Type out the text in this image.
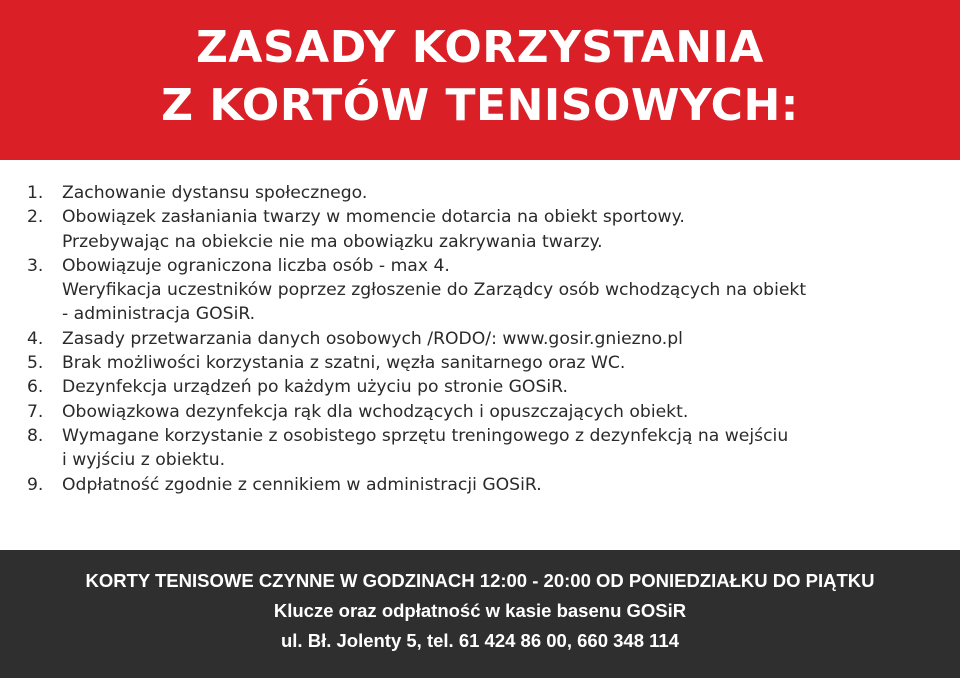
ZASADY KORZYSTANIA
Z KORTÓW TENISOWYCH:
1. Zachowanie dystansu społecznego.
2. Obowiązek zasłaniania twarzy w momencie dotarcia na obiekt sportowy.
Przebywając na obiekcie nie ma obowiązku zakrywania twarzy.
3. Obowiązuje ograniczona liczba osób - max 4.
Weryfikacja uczestników poprzez zgłoszenie do Zarządcy osób wchodzących na obiekt
- administracja GOSiR.
4. Zasady przetwarzania danych osobowych /RODO/: www.gosir.gniezno.pl
5. Brak możliwości korzystania z szatni, węzła sanitarnego oraz WC.
6. Dezynfekcja urządzeń po każdym użyciu po stronie GOSiR.
7. Obowiązkowa dezynfekcja rąk dla wchodzących i opuszczających obiekt.
8. Wymagane korzystanie z osobistego sprzętu treningowego z dezynfekcją na wejściu
i wyjściu z obiektu.
9. Odpłatność zgodnie z cennikiem w administracji GOSiR.
KORTY TENISOWE CZYNNE W GODZINACH 12:00 - 20:00 OD PONIEDZIAŁKU DO PIĄTKU
Klucze oraz odpłatność w kasie basenu GOSiR
ul. Bł. Jolenty 5, tel. 61 424 86 00, 660 348 114
